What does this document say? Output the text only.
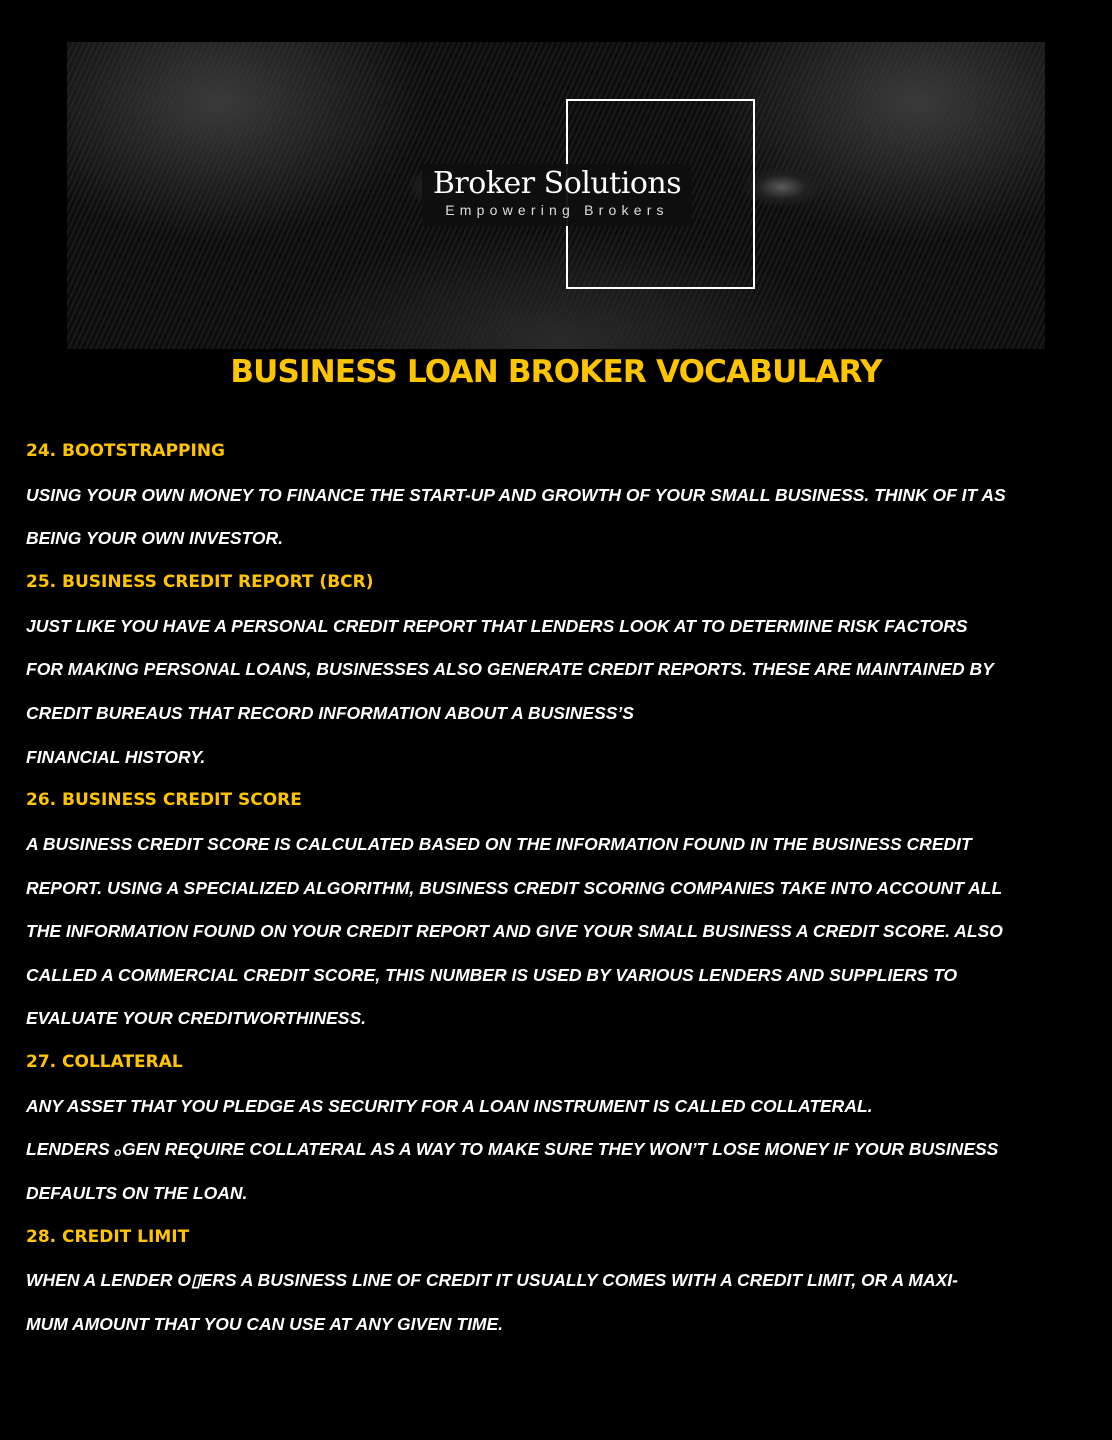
Broker Solutions
Empowering Brokers
BUSINESS LOAN BROKER VOCABULARY
24. BOOTSTRAPPING
USING YOUR OWN MONEY TO FINANCE THE START-UP AND GROWTH OF YOUR SMALL BUSINESS. THINK OF IT AS
BEING YOUR OWN INVESTOR.
25. BUSINESS CREDIT REPORT (BCR)
JUST LIKE YOU HAVE A PERSONAL CREDIT REPORT THAT LENDERS LOOK AT TO DETERMINE RISK FACTORS
FOR MAKING PERSONAL LOANS, BUSINESSES ALSO GENERATE CREDIT REPORTS. THESE ARE MAINTAINED BY
CREDIT BUREAUS THAT RECORD INFORMATION ABOUT A BUSINESS’S
FINANCIAL HISTORY.
26. BUSINESS CREDIT SCORE
A BUSINESS CREDIT SCORE IS CALCULATED BASED ON THE INFORMATION FOUND IN THE BUSINESS CREDIT
REPORT. USING A SPECIALIZED ALGORITHM, BUSINESS CREDIT SCORING COMPANIES TAKE INTO ACCOUNT ALL
THE INFORMATION FOUND ON YOUR CREDIT REPORT AND GIVE YOUR SMALL BUSINESS A CREDIT SCORE. ALSO
CALLED A COMMERCIAL CREDIT SCORE, THIS NUMBER IS USED BY VARIOUS LENDERS AND SUPPLIERS TO
EVALUATE YOUR CREDITWORTHINESS.
27. COLLATERAL
ANY ASSET THAT YOU PLEDGE AS SECURITY FOR A LOAN INSTRUMENT IS CALLED COLLATERAL.
LENDERS ₒGEN REQUIRE COLLATERAL AS A WAY TO MAKE SURE THEY WON’T LOSE MONEY IF YOUR BUSINESS
DEFAULTS ON THE LOAN.
28. CREDIT LIMIT
WHEN A LENDER O▯ERS A BUSINESS LINE OF CREDIT IT USUALLY COMES WITH A CREDIT LIMIT, OR A MAXI-
MUM AMOUNT THAT YOU CAN USE AT ANY GIVEN TIME.
